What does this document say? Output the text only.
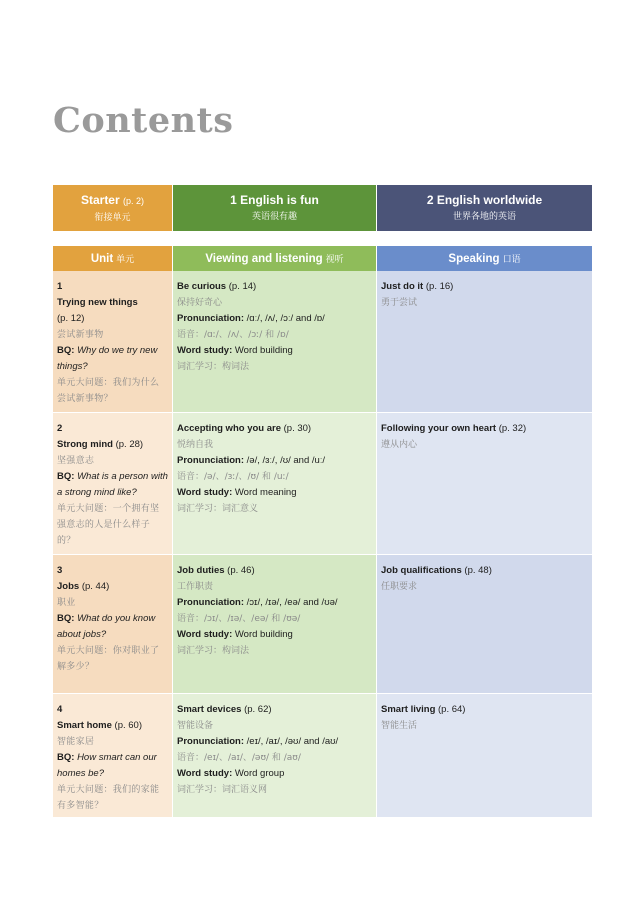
Contents
Starter (p. 2)
衔接单元
1 English is fun
英语很有趣
2 English worldwide
世界各地的英语
Unit 单元	Viewing and listening 视听	Speaking 口语
1
Trying new things
(p. 12)
尝试新事物
BQ: Why do we try new things?
单元大问题：我们为什么尝试新事物？
Be curious (p. 14)
保持好奇心
Pronunciation: /ɑː/, /ʌ/, /ɔː/ and /ɒ/
语音：/ɑː/、/ʌ/、/ɔː/ 和 /ɒ/
Word study: Word building
词汇学习：构词法
Just do it (p. 16)
勇于尝试
2
Strong mind (p. 28)
坚强意志
BQ: What is a person with a strong mind like?
单元大问题：一个拥有坚强意志的人是什么样子的？
Accepting who you are (p. 30)
悦纳自我
Pronunciation: /ə/, /ɜː/, /ʊ/ and /uː/
语音：/ə/、/ɜː/、/ʊ/ 和 /uː/
Word study: Word meaning
词汇学习：词汇意义
Following your own heart (p. 32)
遵从内心
3
Jobs (p. 44)
职业
BQ: What do you know about jobs?
单元大问题：你对职业了解多少？
Job duties (p. 46)
工作职责
Pronunciation: /ɔɪ/, /ɪə/, /eə/ and /ʊə/
语音：/ɔɪ/、/ɪə/、/eə/ 和 /ʊə/
Word study: Word building
词汇学习：构词法
Job qualifications (p. 48)
任职要求
4
Smart home (p. 60)
智能家居
BQ: How smart can our homes be?
单元大问题：我们的家能有多智能？
Smart devices (p. 62)
智能设备
Pronunciation: /eɪ/, /aɪ/, /əʊ/ and /aʊ/
语音：/eɪ/、/aɪ/、/əʊ/ 和 /aʊ/
Word study: Word group
词汇学习：词汇语义网
Smart living (p. 64)
智能生活
